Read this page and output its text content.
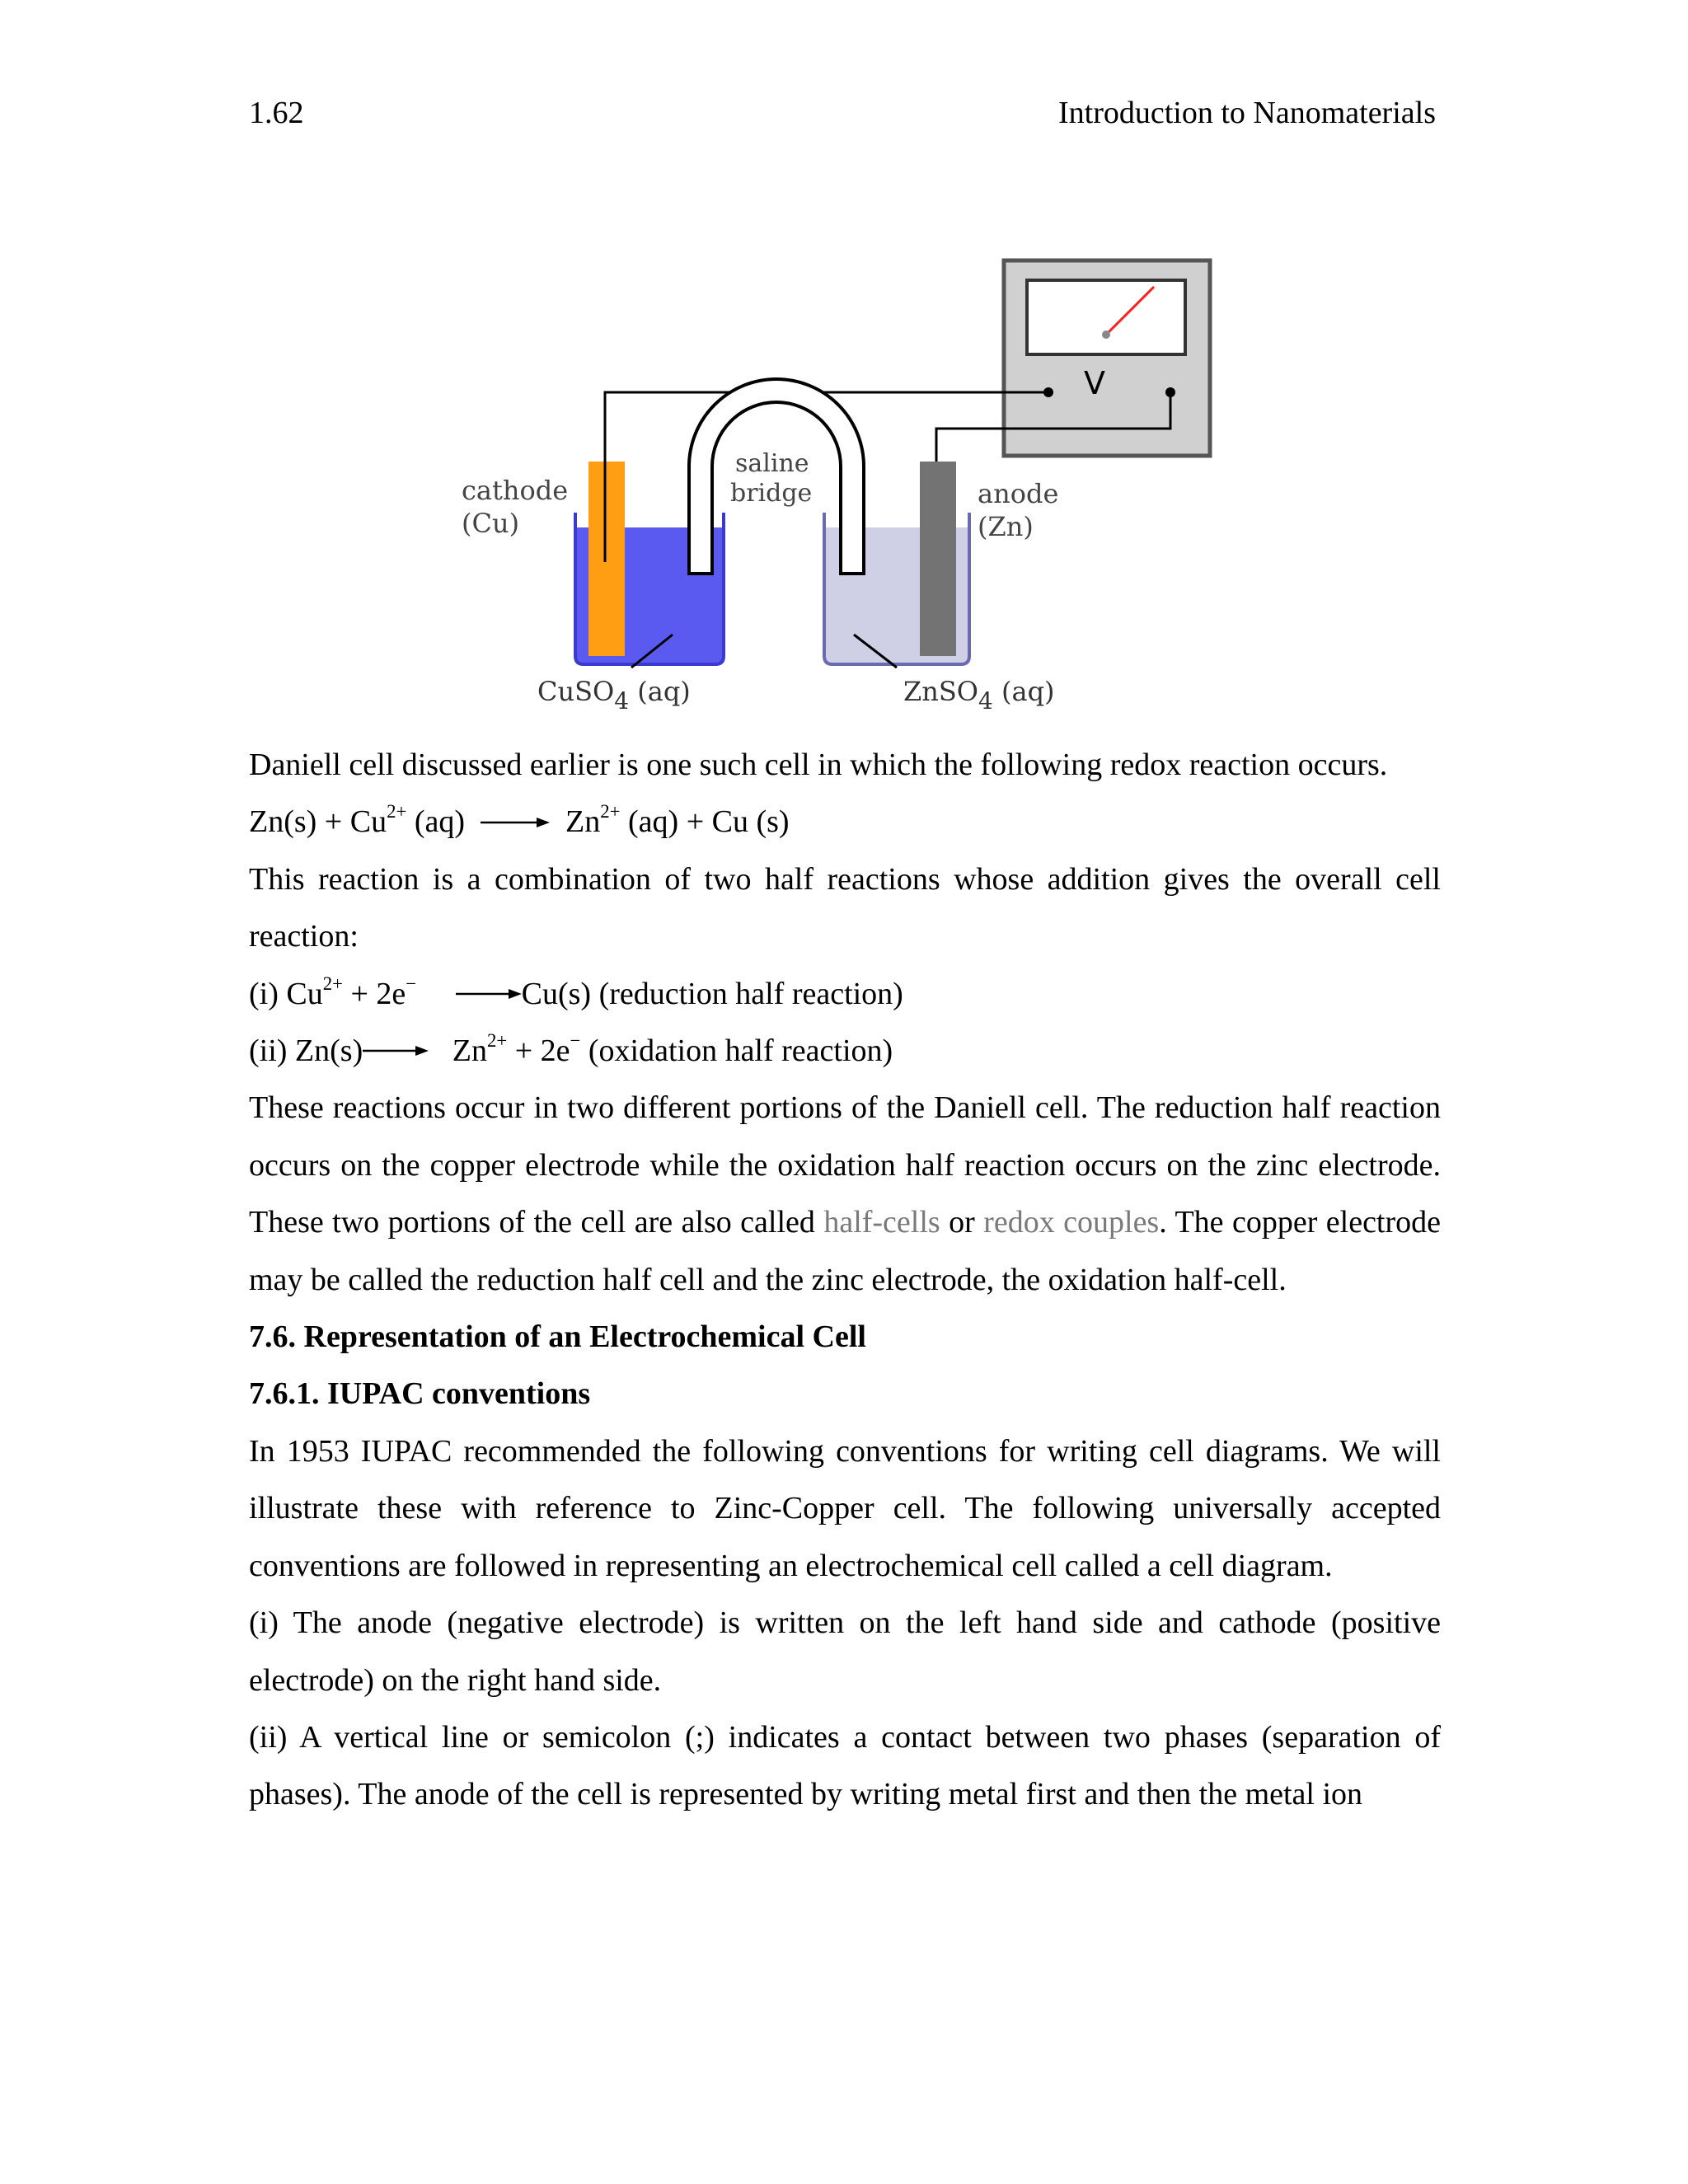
1.62	Introduction to Nanomaterials
V
cathode
(Cu)
saline
bridge	anode
(Zn)
CuSO4 (aq)	ZnSO4 (aq)

Daniell cell discussed earlier is one such cell in which the following redox reaction occurs.

$Zn(s) + Cu^{2+}$ (aq)	$Zn^{2+}$ (aq) + Cu (s)

This reaction is a combination of two half reactions whose addition gives the overall cell reaction:

(i) $Cu^{2+} + 2e^-$	Cu(s) (reduction half reaction)

(ii) Zn(s)	$Zn^{2+} + 2e^-$ (oxidation half reaction)

These reactions occur in two different portions of the Daniell cell. The reduction half reaction occurs on the copper electrode while the oxidation half reaction occurs on the zinc electrode. These two portions of the cell are also called half-cells or redox couples. The copper electrode may be called the reduction half cell and the zinc electrode, the oxidation half-cell.

7.6. Representation of an Electrochemical Cell

7.6.1. IUPAC conventions

In 1953 IUPAC recommended the following conventions for writing cell diagrams. We will illustrate these with reference to Zinc-Copper cell. The following universally accepted conventions are followed in representing an electrochemical cell called a cell diagram.

(i) The anode (negative electrode) is written on the left hand side and cathode (positive electrode) on the right hand side.

(ii) A vertical line or semicolon (;) indicates a contact between two phases (separation of phases). The anode of the cell is represented by writing metal first and then the metal ion
